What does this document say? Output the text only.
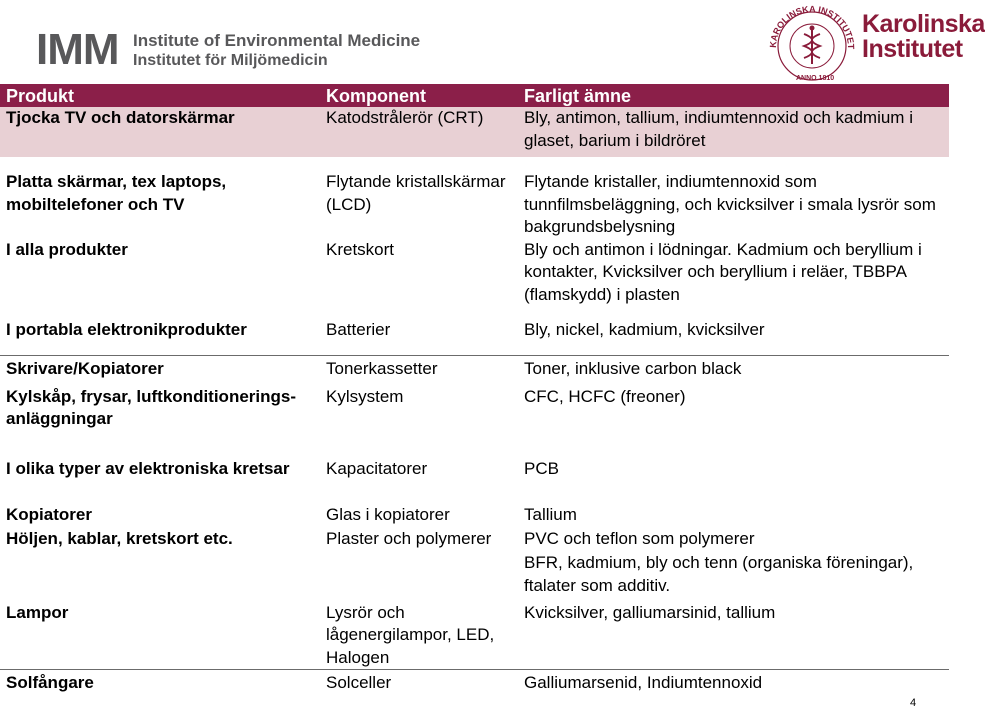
IMM Institute of Environmental Medicine
Institutet för Miljömedicin
KAROLINSKA INSTITUTET
ANNO 1810
Karolinska
Institutet
Produkt	Komponent	Farligt ämne
Tjocka TV och datorskärmar	Katodstrålerör (CRT)	Bly, antimon, tallium, indiumtennoxid och kadmium i glaset, barium i bildröret
Platta skärmar, tex laptops, mobiltelefoner och TV	Flytande kristallskärmar (LCD)	Flytande kristaller, indiumtennoxid som tunnfilmsbeläggning, och kvicksilver i smala lysrör som bakgrundsbelysning
I alla produkter	Kretskort	Bly och antimon i lödningar. Kadmium och beryllium i kontakter, Kvicksilver och beryllium i reläer, TBBPA (flamskydd) i plasten
I portabla elektronikprodukter	Batterier	Bly, nickel, kadmium, kvicksilver
Skrivare/Kopiatorer	Tonerkassetter	Toner, inklusive carbon black
Kylskåp, frysar, luftkonditionerings-anläggningar	Kylsystem	CFC, HCFC (freoner)
I olika typer av elektroniska kretsar	Kapacitatorer	PCB
Kopiatorer	Glas i kopiatorer	Tallium
Höljen, kablar, kretskort etc.	Plaster och polymerer	PVC och teflon som polymerer
BFR, kadmium, bly och tenn (organiska föreningar), ftalater som additiv.

Lampor	Lysrör och lågenergilampor, LED, Halogen	Kvicksilver, galliumarsinid, tallium
Solfångare	Solceller	Galliumarsenid, Indiumtennoxid
4
